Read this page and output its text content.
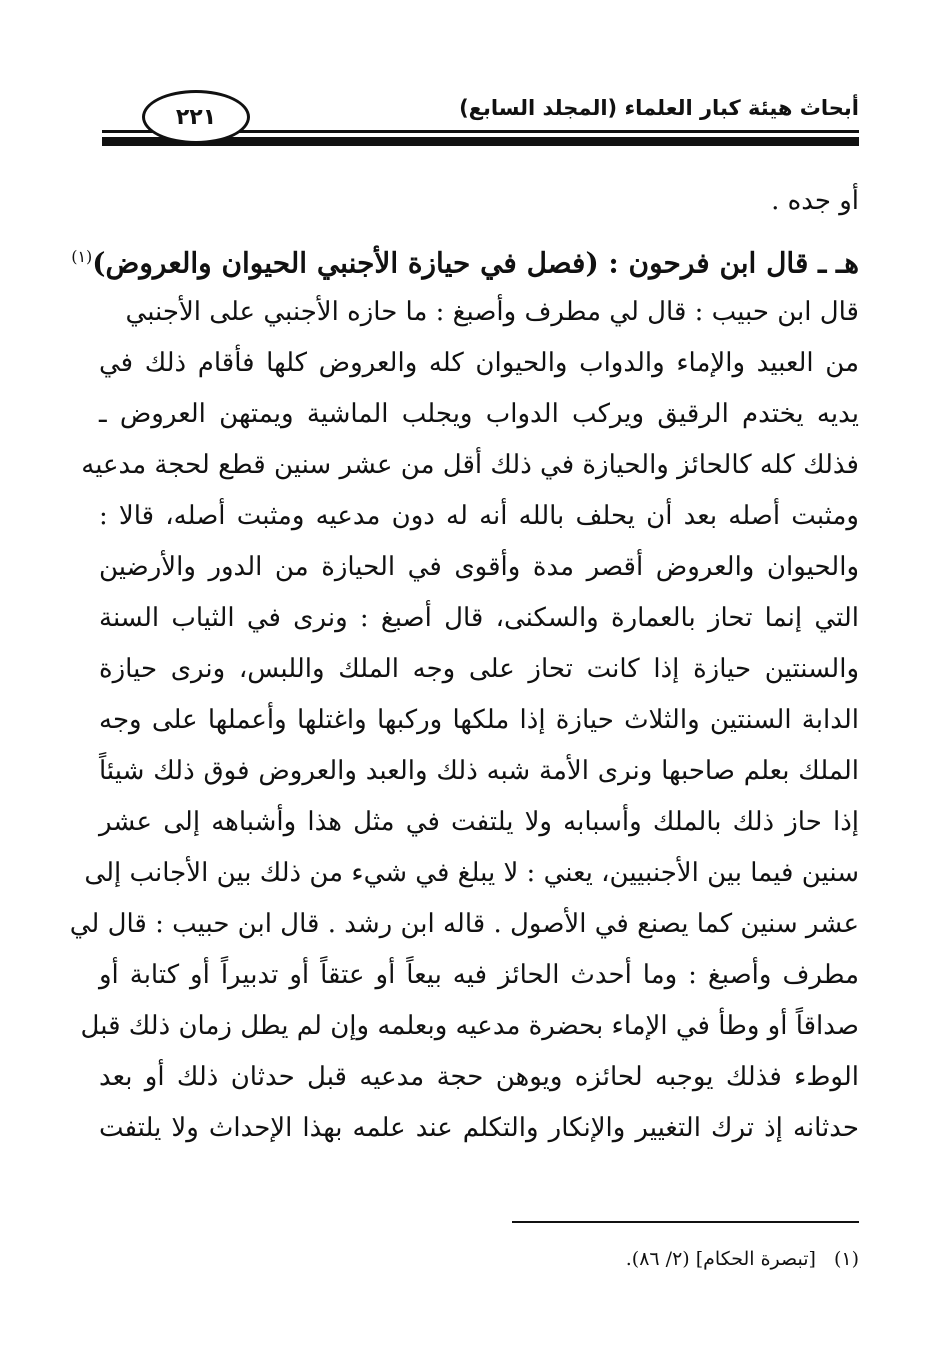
أبحاث هيئة كبار العلماء (المجلد السابع)
٢٢١
أو جده .
هـ ـ قال ابن فرحون : (فصل في حيازة الأجنبي الحيوان والعروض)$^{(١)}$
قال ابن حبيب : قال لي مطرف وأصبغ : ما حازه الأجنبي على الأجنبي
من العبيد والإماء والدواب والحيوان كله والعروض كلها فأقام ذلك في
يديه يختدم الرقيق ويركب الدواب ويجلب الماشية ويمتهن العروض ـ
فذلك كله كالحائز والحيازة في ذلك أقل من عشر سنين قطع لحجة مدعيه
ومثبت أصله بعد أن يحلف بالله أنه له دون مدعيه ومثبت أصله، قالا :
والحيوان والعروض أقصر مدة وأقوى في الحيازة من الدور والأرضين
التي إنما تحاز بالعمارة والسكنى، قال أصبغ : ونرى في الثياب السنة
والسنتين حيازة إذا كانت تحاز على وجه الملك واللبس، ونرى حيازة
الدابة السنتين والثلاث حيازة إذا ملكها وركبها واغتلها وأعملها على وجه
الملك بعلم صاحبها ونرى الأمة شبه ذلك والعبد والعروض فوق ذلك شيئاً
إذا حاز ذلك بالملك وأسبابه ولا يلتفت في مثل هذا وأشباهه إلى عشر
سنين فيما بين الأجنبيين، يعني : لا يبلغ في شيء من ذلك بين الأجانب إلى
عشر سنين كما يصنع في الأصول . قاله ابن رشد . قال ابن حبيب : قال لي
مطرف وأصبغ : وما أحدث الحائز فيه بيعاً أو عتقاً أو تدبيراً أو كتابة أو
صداقاً أو وطأ في الإماء بحضرة مدعيه وبعلمه وإن لم يطل زمان ذلك قبل
الوطء فذلك يوجبه لحائزه ويوهن حجة مدعيه قبل حدثان ذلك أو بعد
حدثانه إذ ترك التغيير والإنكار والتكلم عند علمه بهذا الإحداث ولا يلتفت
(١)[تبصرة الحكام] (٢/ ٨٦).
